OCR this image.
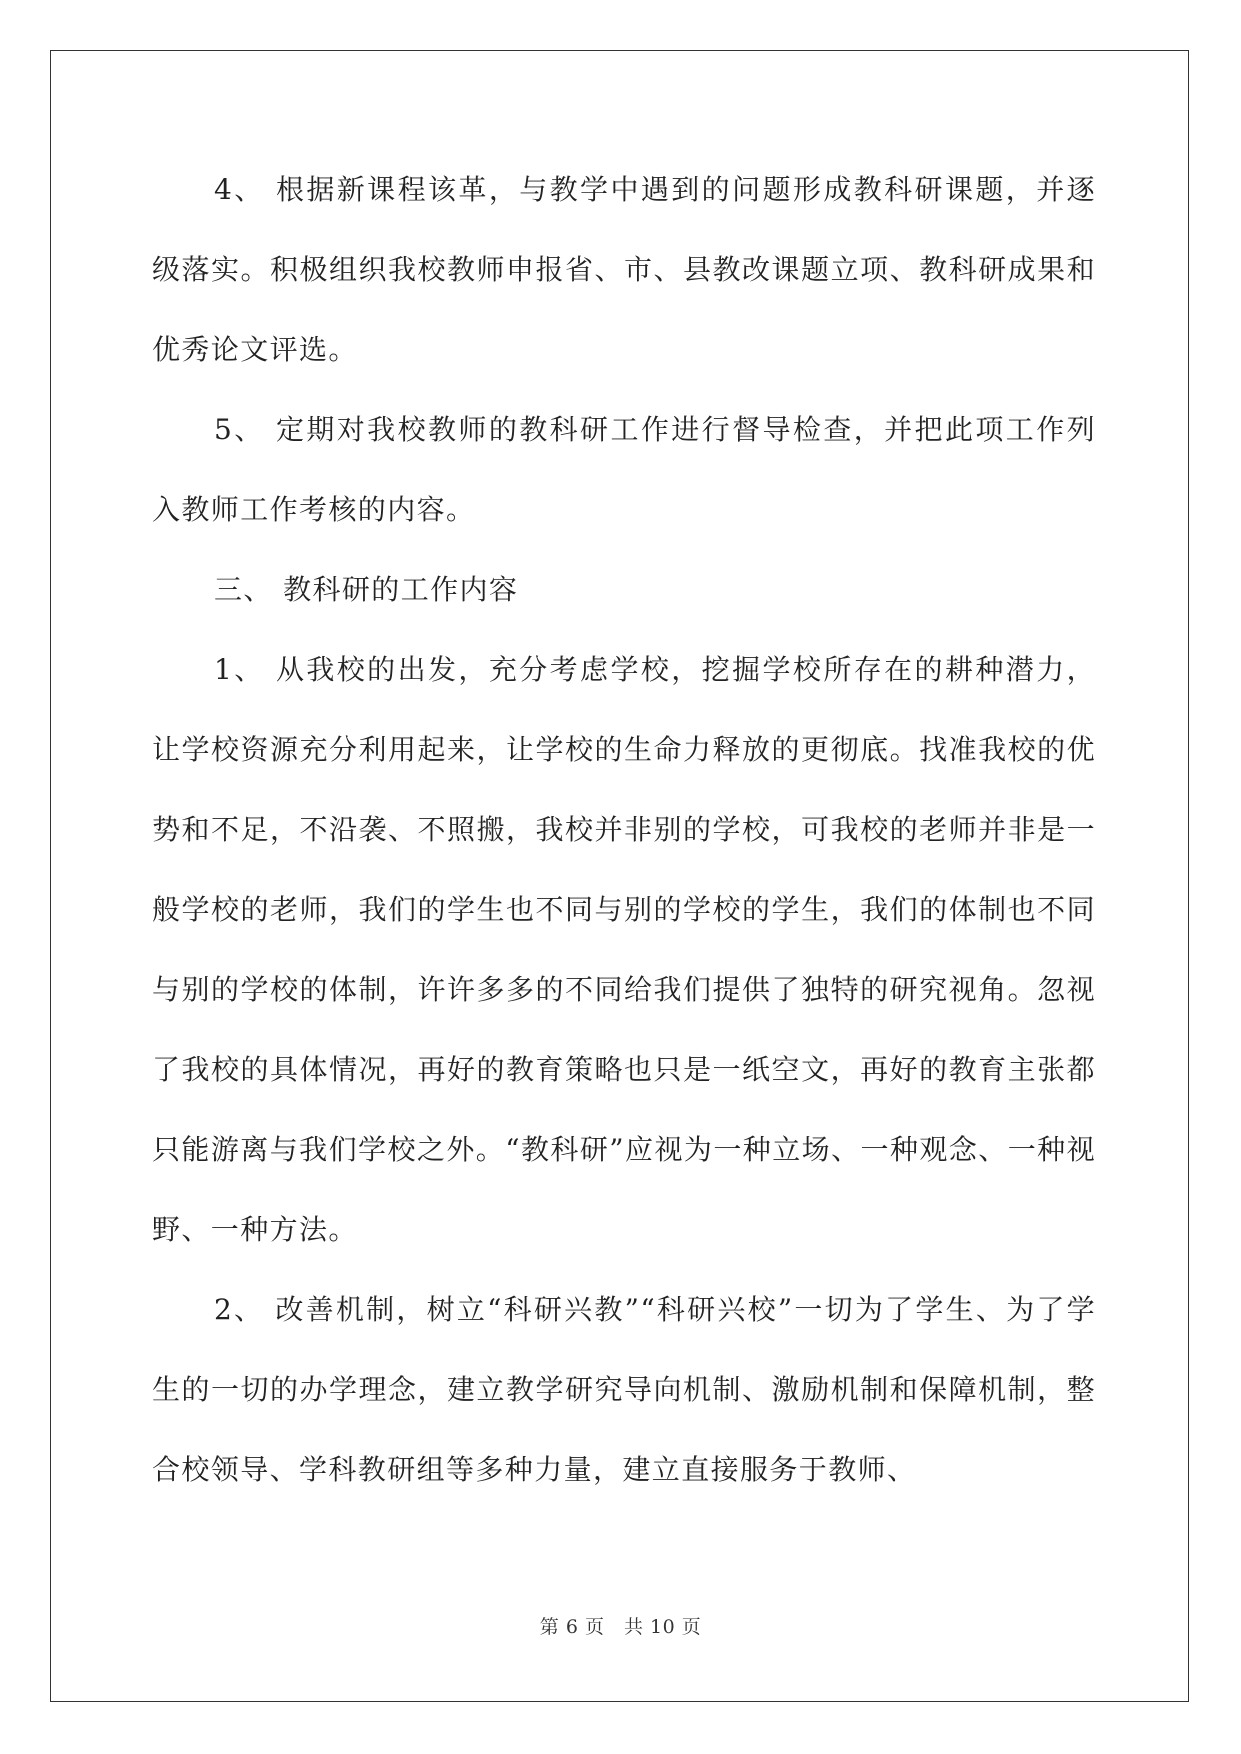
4、 根据新课程该革，与教学中遇到的问题形成教科研课题，并逐级落实。积极组织我校教师申报省、市、县教改课题立项、教科研成果和优秀论文评选。

5、 定期对我校教师的教科研工作进行督导检查，并把此项工作列入教师工作考核的内容。

三、 教科研的工作内容

1、 从我校的出发，充分考虑学校，挖掘学校所存在的耕种潜力，让学校资源充分利用起来，让学校的生命力释放的更彻底。找准我校的优势和不足，不沿袭、不照搬，我校并非别的学校，可我校的老师并非是一般学校的老师，我们的学生也不同与别的学校的学生，我们的体制也不同与别的学校的体制，许许多多的不同给我们提供了独特的研究视角。忽视了我校的具体情况，再好的教育策略也只是一纸空文，再好的教育主张都只能游离与我们学校之外。“教科研”应视为一种立场、一种观念、一种视野、一种方法。

2、 改善机制，树立“科研兴教”“科研兴校”一切为了学生、为了学生的一切的办学理念，建立教学研究导向机制、激励机制和保障机制，整合校领导、学科教研组等多种力量，建立直接服务于教师、

第 6 页　共 10 页
